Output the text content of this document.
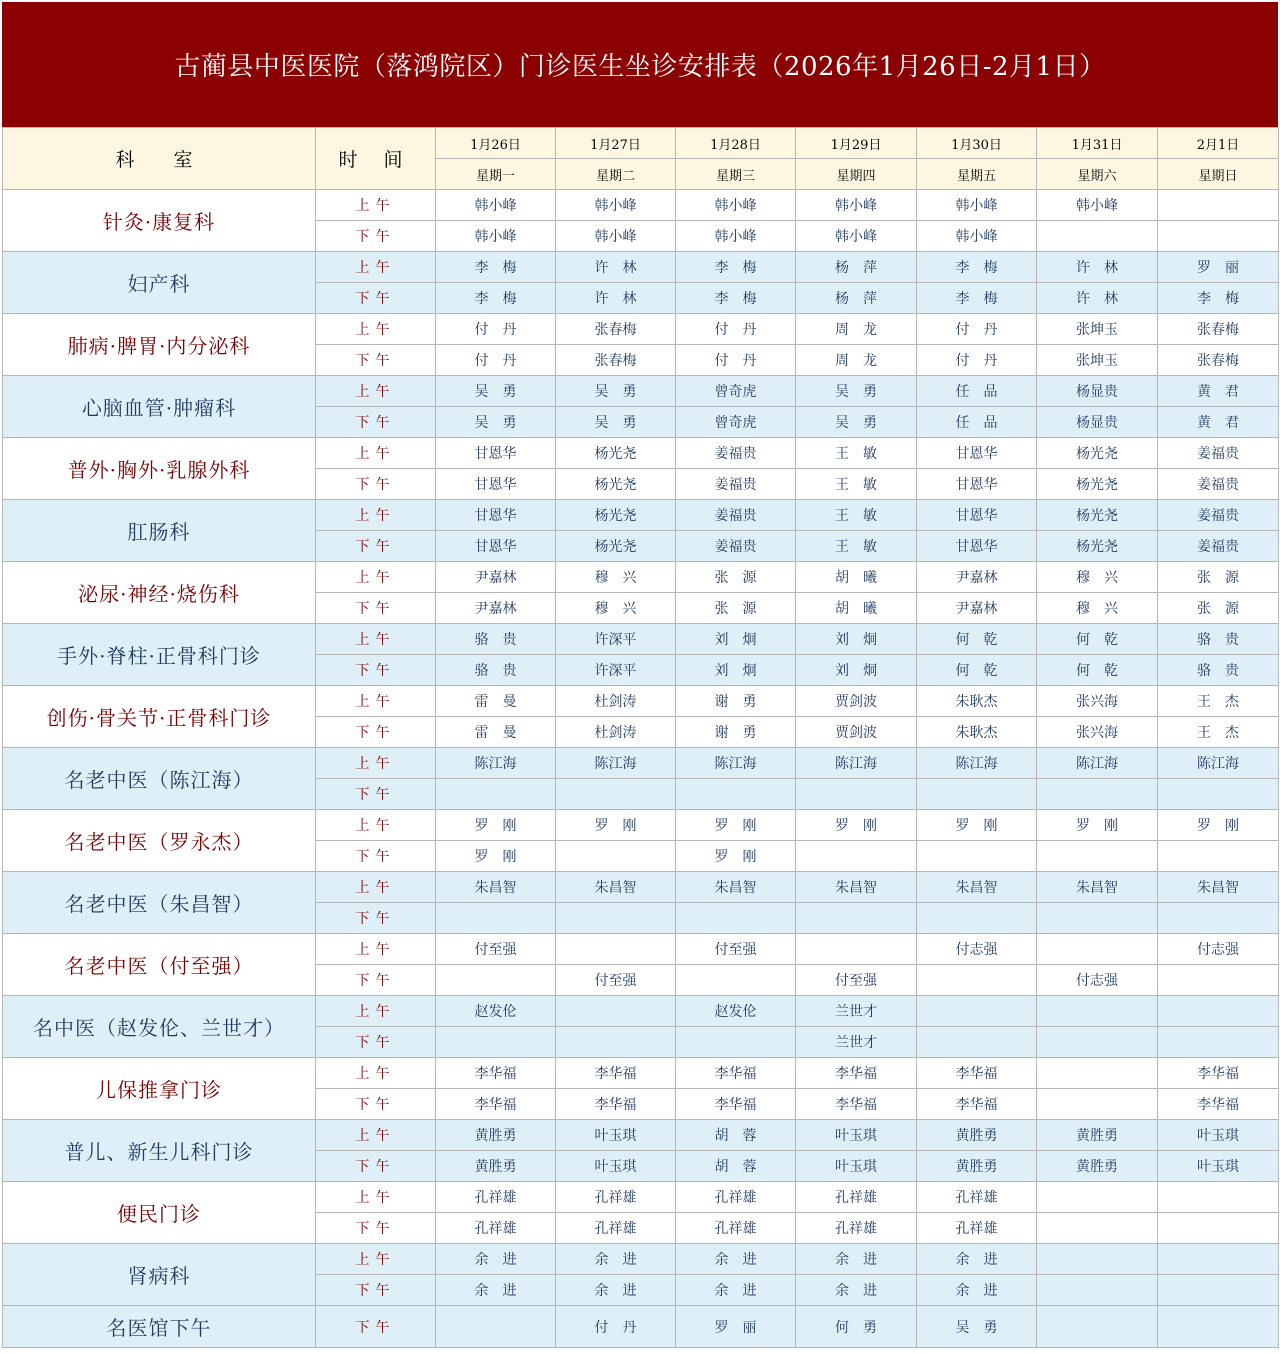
古蔺县中医医院（落鸿院区）门诊医生坐诊安排表（2026年1月26日-2月1日）
科　室	时 间	1月26日	1月27日	1月28日	1月29日	1月30日	1月31日	2月1日
		星期一	星期二	星期三	星期四	星期五	星期六	星期日
针灸·康复科	上午	韩小峰	韩小峰	韩小峰	韩小峰	韩小峰	韩小峰	
	下午	韩小峰	韩小峰	韩小峰	韩小峰	韩小峰		
妇产科	上午	李　梅	许　林	李　梅	杨　萍	李　梅	许　林	罗　丽
	下午	李　梅	许　林	李　梅	杨　萍	李　梅	许　林	李　梅
肺病·脾胃·内分泌科	上午	付　丹	张春梅	付　丹	周　龙	付　丹	张坤玉	张春梅
	下午	付　丹	张春梅	付　丹	周　龙	付　丹	张坤玉	张春梅
心脑血管·肿瘤科	上午	吴　勇	吴　勇	曾奇虎	吴　勇	任　品	杨显贵	黄　君
	下午	吴　勇	吴　勇	曾奇虎	吴　勇	任　品	杨显贵	黄　君
普外·胸外·乳腺外科	上午	甘恩华	杨光尧	姜福贵	王　敏	甘恩华	杨光尧	姜福贵
	下午	甘恩华	杨光尧	姜福贵	王　敏	甘恩华	杨光尧	姜福贵
肛肠科	上午	甘恩华	杨光尧	姜福贵	王　敏	甘恩华	杨光尧	姜福贵
	下午	甘恩华	杨光尧	姜福贵	王　敏	甘恩华	杨光尧	姜福贵
泌尿·神经·烧伤科	上午	尹嘉林	穆　兴	张　源	胡　曦	尹嘉林	穆　兴	张　源
	下午	尹嘉林	穆　兴	张　源	胡　曦	尹嘉林	穆　兴	张　源
手外·脊柱·正骨科门诊	上午	骆　贵	许深平	刘　炯	刘　炯	何　乾	何　乾	骆　贵
	下午	骆　贵	许深平	刘　炯	刘　炯	何　乾	何　乾	骆　贵
创伤·骨关节·正骨科门诊	上午	雷　曼	杜剑涛	谢　勇	贾剑波	朱耿杰	张兴海	王　杰
	下午	雷　曼	杜剑涛	谢　勇	贾剑波	朱耿杰	张兴海	王　杰
名老中医（陈江海）	上午	陈江海	陈江海	陈江海	陈江海	陈江海	陈江海	陈江海
	下午							
名老中医（罗永杰）	上午	罗　刚	罗　刚	罗　刚	罗　刚	罗　刚	罗　刚	罗　刚
	下午	罗　刚		罗　刚				
名老中医（朱昌智）	上午	朱昌智	朱昌智	朱昌智	朱昌智	朱昌智	朱昌智	朱昌智
	下午							
名老中医（付至强）	上午	付至强		付至强		付志强		付志强
	下午		付至强		付至强		付志强	
名中医（赵发伦、兰世才）	上午	赵发伦		赵发伦	兰世才			
	下午				兰世才			
儿保推拿门诊	上午	李华福	李华福	李华福	李华福	李华福		李华福
	下午	李华福	李华福	李华福	李华福	李华福		李华福
普儿、新生儿科门诊	上午	黄胜勇	叶玉琪	胡　蓉	叶玉琪	黄胜勇	黄胜勇	叶玉琪
	下午	黄胜勇	叶玉琪	胡　蓉	叶玉琪	黄胜勇	黄胜勇	叶玉琪
便民门诊	上午	孔祥雄	孔祥雄	孔祥雄	孔祥雄	孔祥雄		
	下午	孔祥雄	孔祥雄	孔祥雄	孔祥雄	孔祥雄		
肾病科	上午	余　进	余　进	余　进	余　进	余　进		
	下午	余　进	余　进	余　进	余　进	余　进		
名医馆下午	下午		付　丹	罗　丽	何　勇	吴　勇		
